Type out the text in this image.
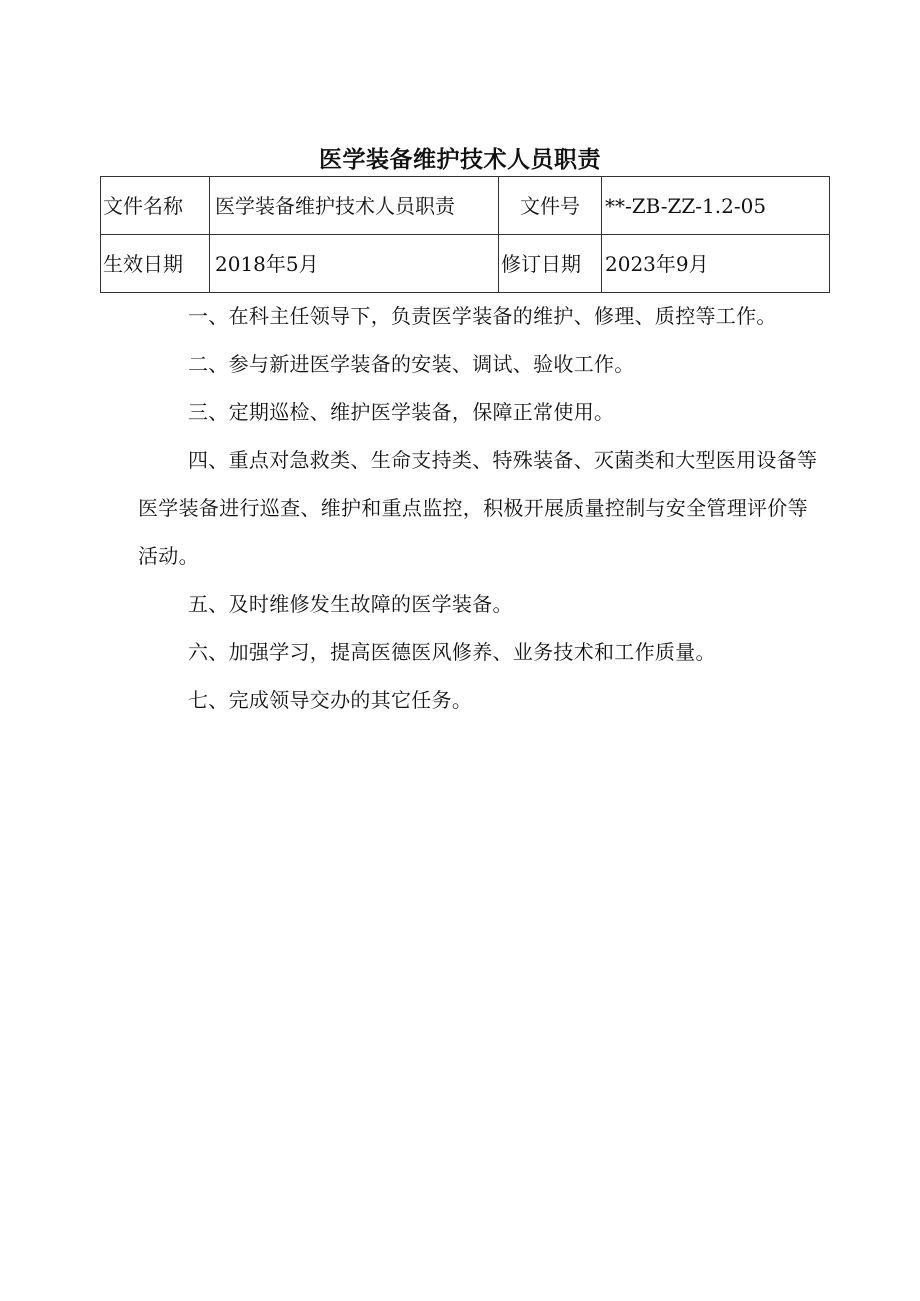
医学装备维护技术人员职责
文件名称	医学装备维护技术人员职责	文件号	**-ZB-ZZ-1.2-05
生效日期	2018年5月	修订日期	2023年9月

一、在科主任领导下，负责医学装备的维护、修理、质控等工作。

二、参与新进医学装备的安装、调试、验收工作。

三、定期巡检、维护医学装备，保障正常使用。

四、重点对急救类、生命支持类、特殊装备、灭菌类和大型医用设备等医学装备进行巡查、维护和重点监控，积极开展质量控制与安全管理评价等活动。

五、及时维修发生故障的医学装备。

六、加强学习，提高医德医风修养、业务技术和工作质量。

七、完成领导交办的其它任务。
